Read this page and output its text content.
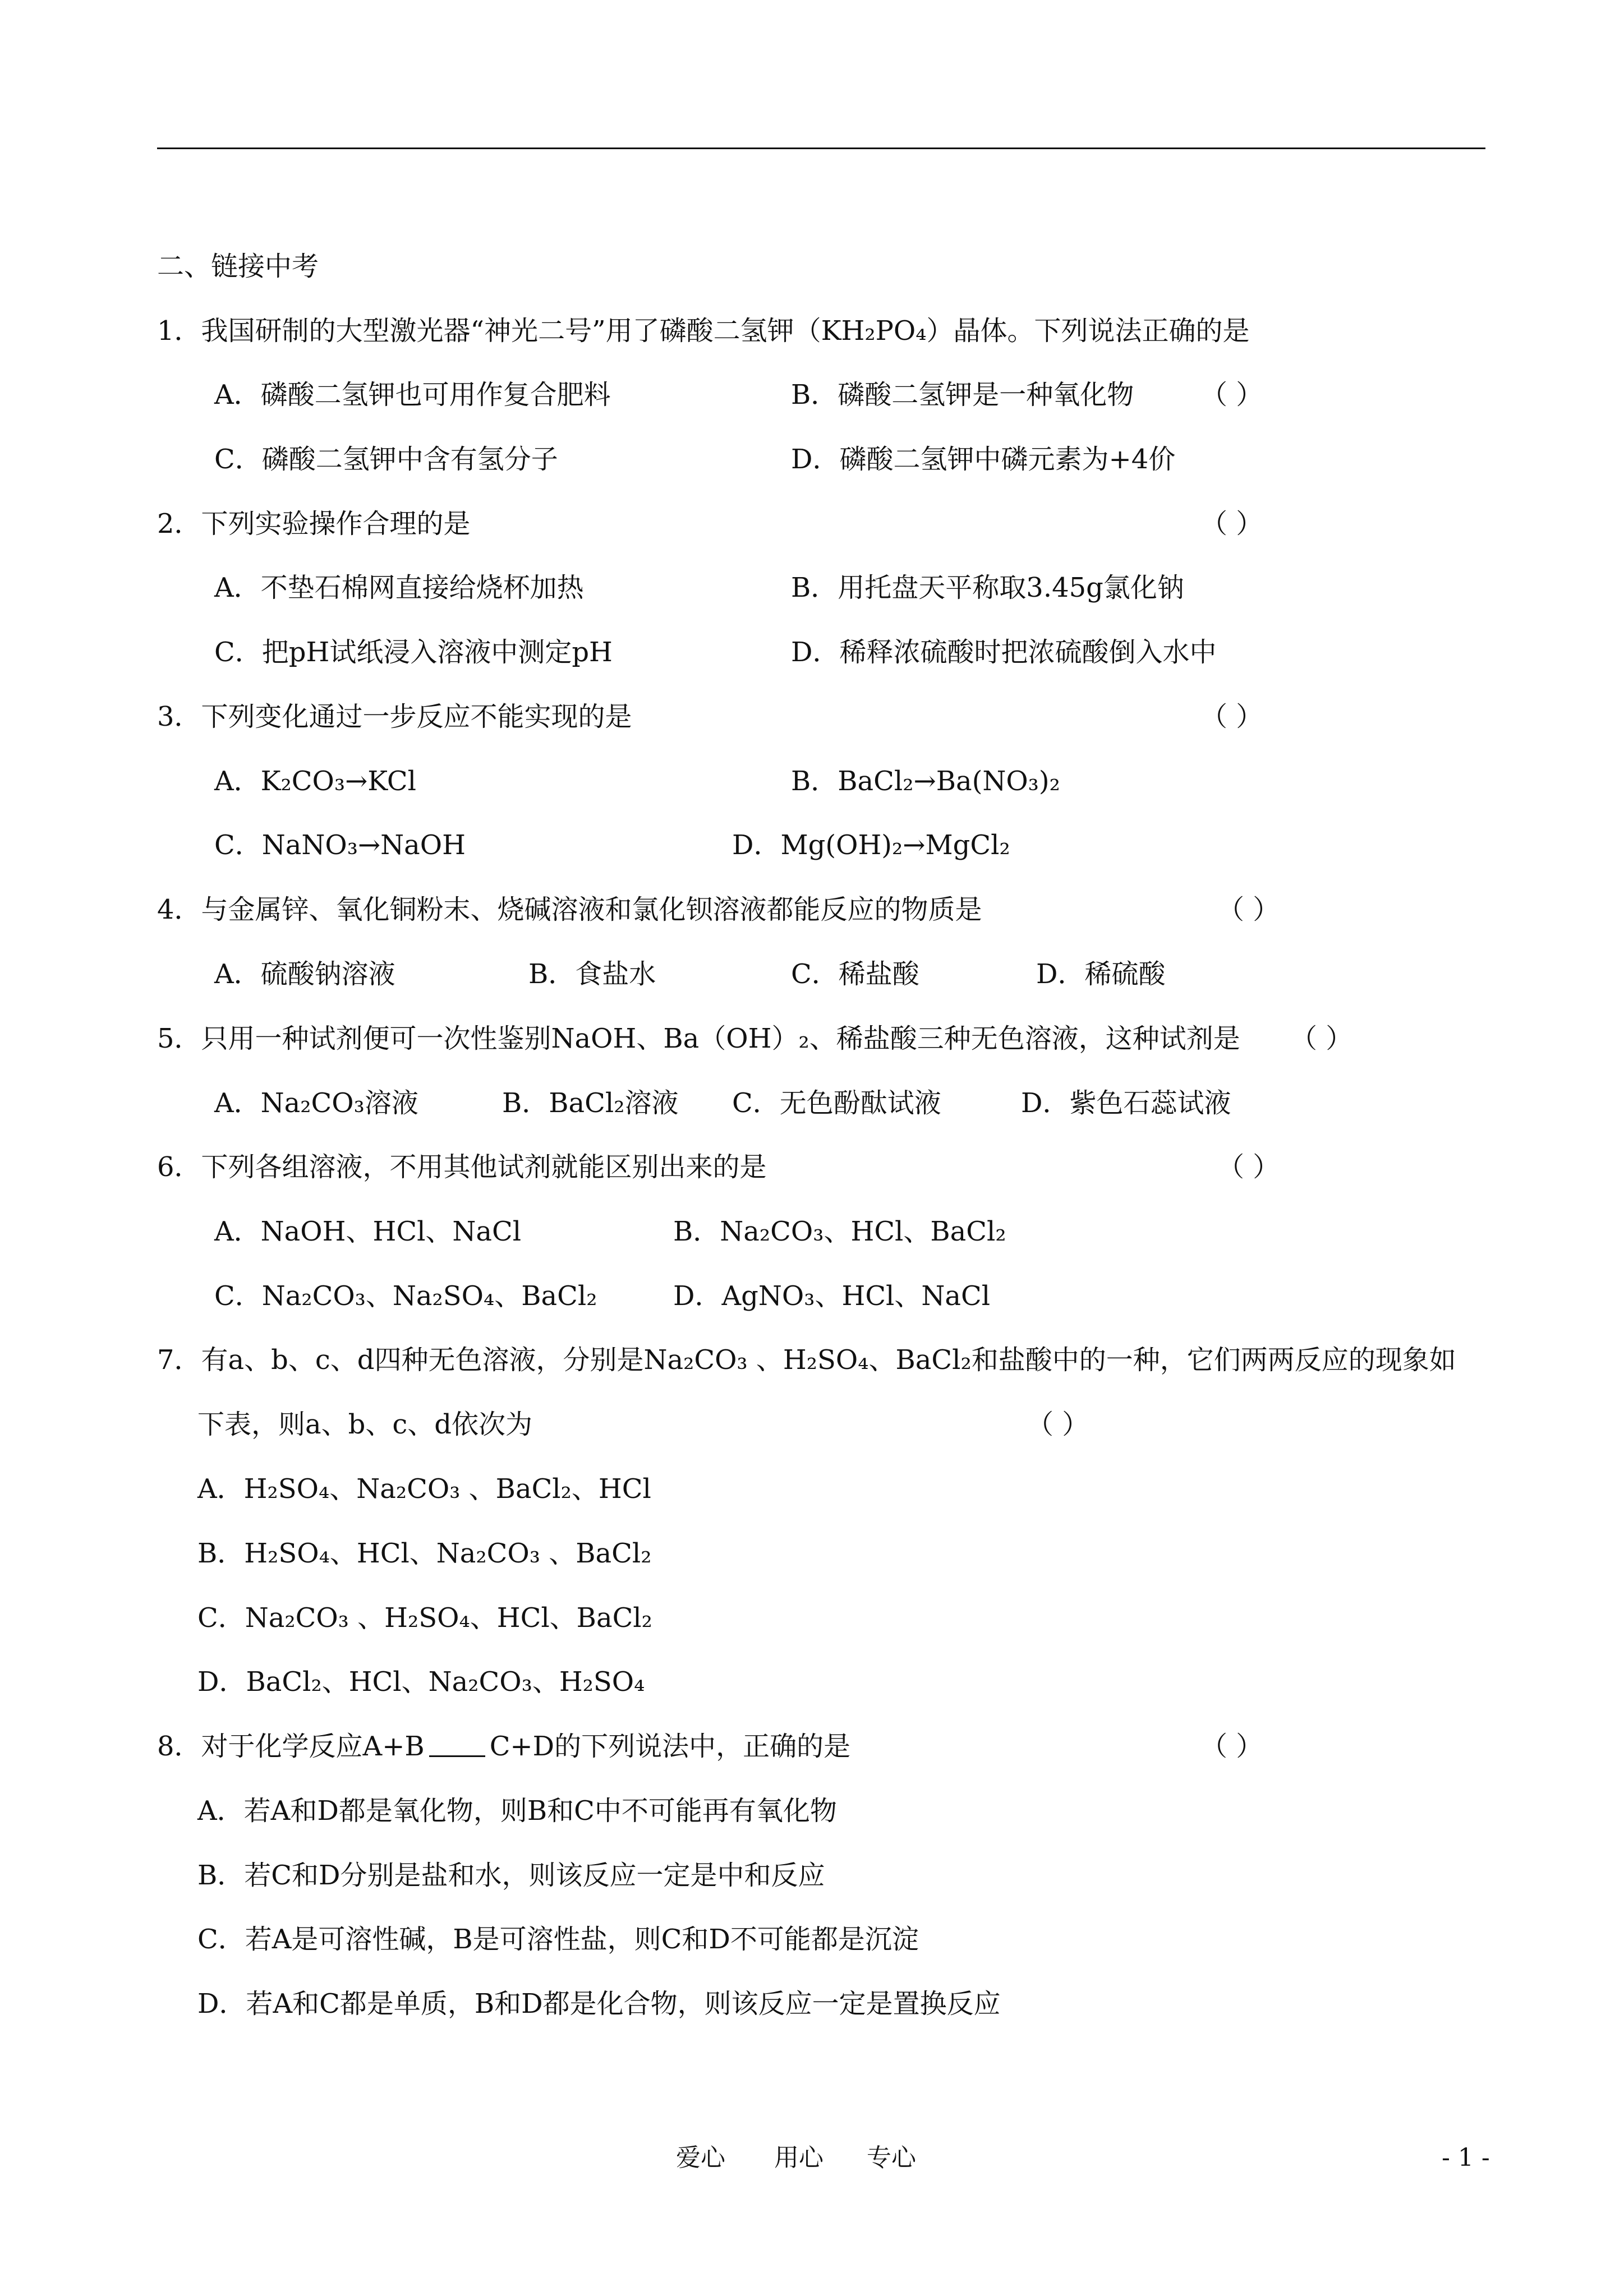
二、链接中考
1．我国研制的大型激光器“神光二号”用了磷酸二氢钾（KH₂PO₄）晶体。下列说法正确的是
A．磷酸二氢钾也可用作复合肥料	B．磷酸二氢钾是一种氧化物 （ ）
C．磷酸二氢钾中含有氢分子	D．磷酸二氢钾中磷元素为+4价
2．下列实验操作合理的是	（ ）
A．不垫石棉网直接给烧杯加热	B．用托盘天平称取3.45g氯化钠
C．把pH试纸浸入溶液中测定pH	D．稀释浓硫酸时把浓硫酸倒入水中
3．下列变化通过一步反应不能实现的是	（ ）
A．K₂CO₃→KCl	B．BaCl₂→Ba(NO₃)₂
C．NaNO₃→NaOH	D．Mg(OH)₂→MgCl₂
4．与金属锌、氧化铜粉末、烧碱溶液和氯化钡溶液都能反应的物质是	（ ）
A．硫酸钠溶液	B．食盐水	C．稀盐酸	D．稀硫酸
5．只用一种试剂便可一次性鉴别NaOH、Ba（OH）₂、稀盐酸三种无色溶液，这种试剂是 （ ）
A．Na₂CO₃溶液	B．BaCl₂溶液 C．无色酚酞试液	D．紫色石蕊试液
6．下列各组溶液，不用其他试剂就能区别出来的是	（ ）
A．NaOH、HCl、NaCl	B．Na₂CO₃、HCl、BaCl₂
C．Na₂CO₃、Na₂SO₄、BaCl₂	D．AgNO₃、HCl、NaCl
7．有a、b、c、d四种无色溶液，分别是Na₂CO₃ 、H₂SO₄、BaCl₂和盐酸中的一种，它们两两反应的现象如
下表，则a、b、c、d依次为	（ ）
A．H₂SO₄、Na₂CO₃ 、BaCl₂、HCl
B．H₂SO₄、HCl、Na₂CO₃ 、BaCl₂
C．Na₂CO₃ 、H₂SO₄、HCl、BaCl₂
D．BaCl₂、HCl、Na₂CO₃、H₂SO₄
8．对于化学反应A+B C+D的下列说法中，正确的是	（ ）
A．若A和D都是氧化物，则B和C中不可能再有氧化物
B．若C和D分别是盐和水，则该反应一定是中和反应
C．若A是可溶性碱，B是可溶性盐，则C和D不可能都是沉淀
D．若A和C都是单质，B和D都是化合物，则该反应一定是置换反应
爱心 用心 专心	- 1 -
